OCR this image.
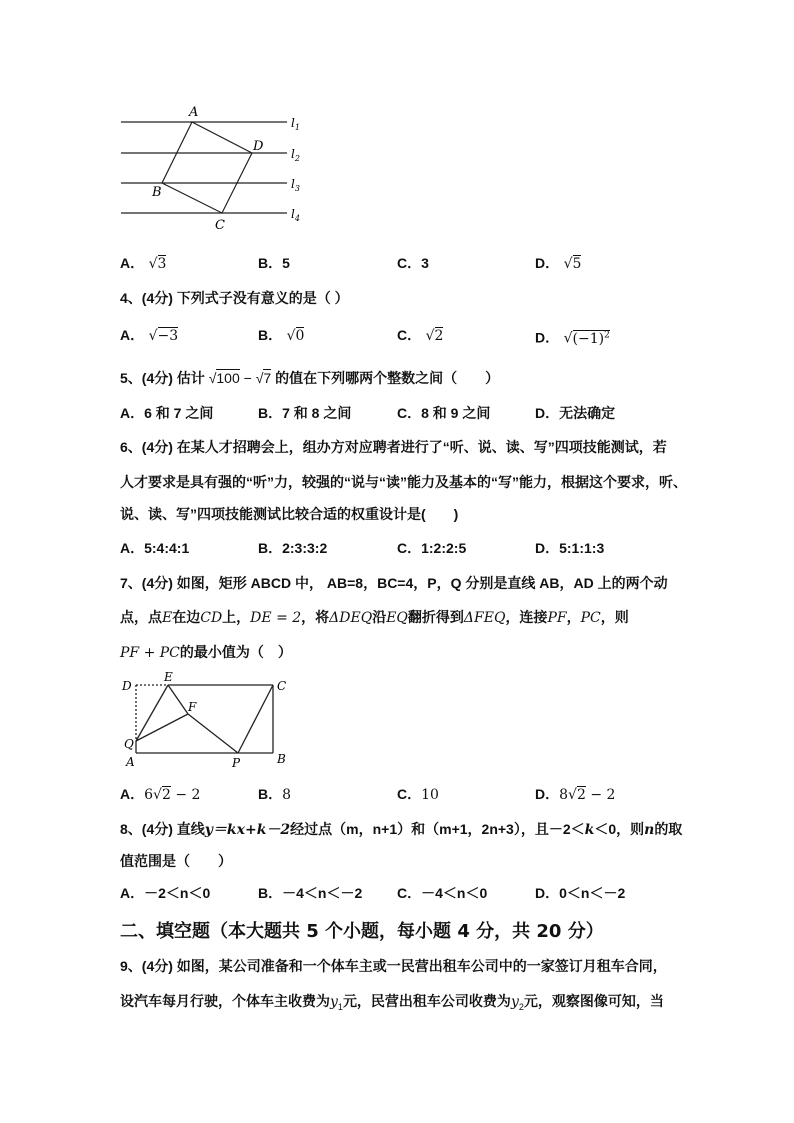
A
D
B
C
$l_1$
$l_2$
$l_3$
$l_4$
A． √3	B．5	C．3	D． √5
4、(4分) 下列式子没有意义的是（ ）
A． √−3	B． √0	C． √2	D． $√(-1)^2$
5、(4分) 估计 √100 − √7 的值在下列哪两个整数之间（　　）
A．6 和 7 之间	B．7 和 8 之间	C．8 和 9 之间	D．无法确定
6、(4分) 在某人才招聘会上，组办方对应聘者进行了“听、说、读、写”四项技能测试，若
人才要求是具有强的“听”力，较强的“说与“读”能力及基本的“写”能力，根据这个要求，听、
说、读、写”四项技能测试比较合适的权重设计是(　　)
A．5:4:4:1	B．2:3:3:2	C．1:2:2:5	D．5:1:1:3
7、(4分) 如图，矩形 ABCD 中， AB=8，BC=4，P，Q 分别是直线 AB，AD 上的两个动
点，点E在边CD上，DE = 2，将ΔDEQ沿EQ翻折得到ΔFEQ，连接PF，PC，则
PF + PC的最小值为（　）
D
E
C
F
Q
A	P	B
A．6√2 − 2	B．8	C．10	D．8√2 − 2
8、(4分) 直线y＝kx+k－2经过点（m，n+1）和（m+1，2n+3），且－2＜k＜0，则n的取
值范围是（　　）
A．－2＜n＜0	B．－4＜n＜－2 C．－4＜n＜0	D．0＜n＜－2
二、填空题（本大题共 5 个小题，每小题 4 分，共 20 分）
9、(4分) 如图，某公司准备和一个体车主或一民营出租车公司中的一家签订月租车合同，
设汽车每月行驶，个体车主收费为$y_1$元，民营出租车公司收费为$y_2$元，观察图像可知，当
